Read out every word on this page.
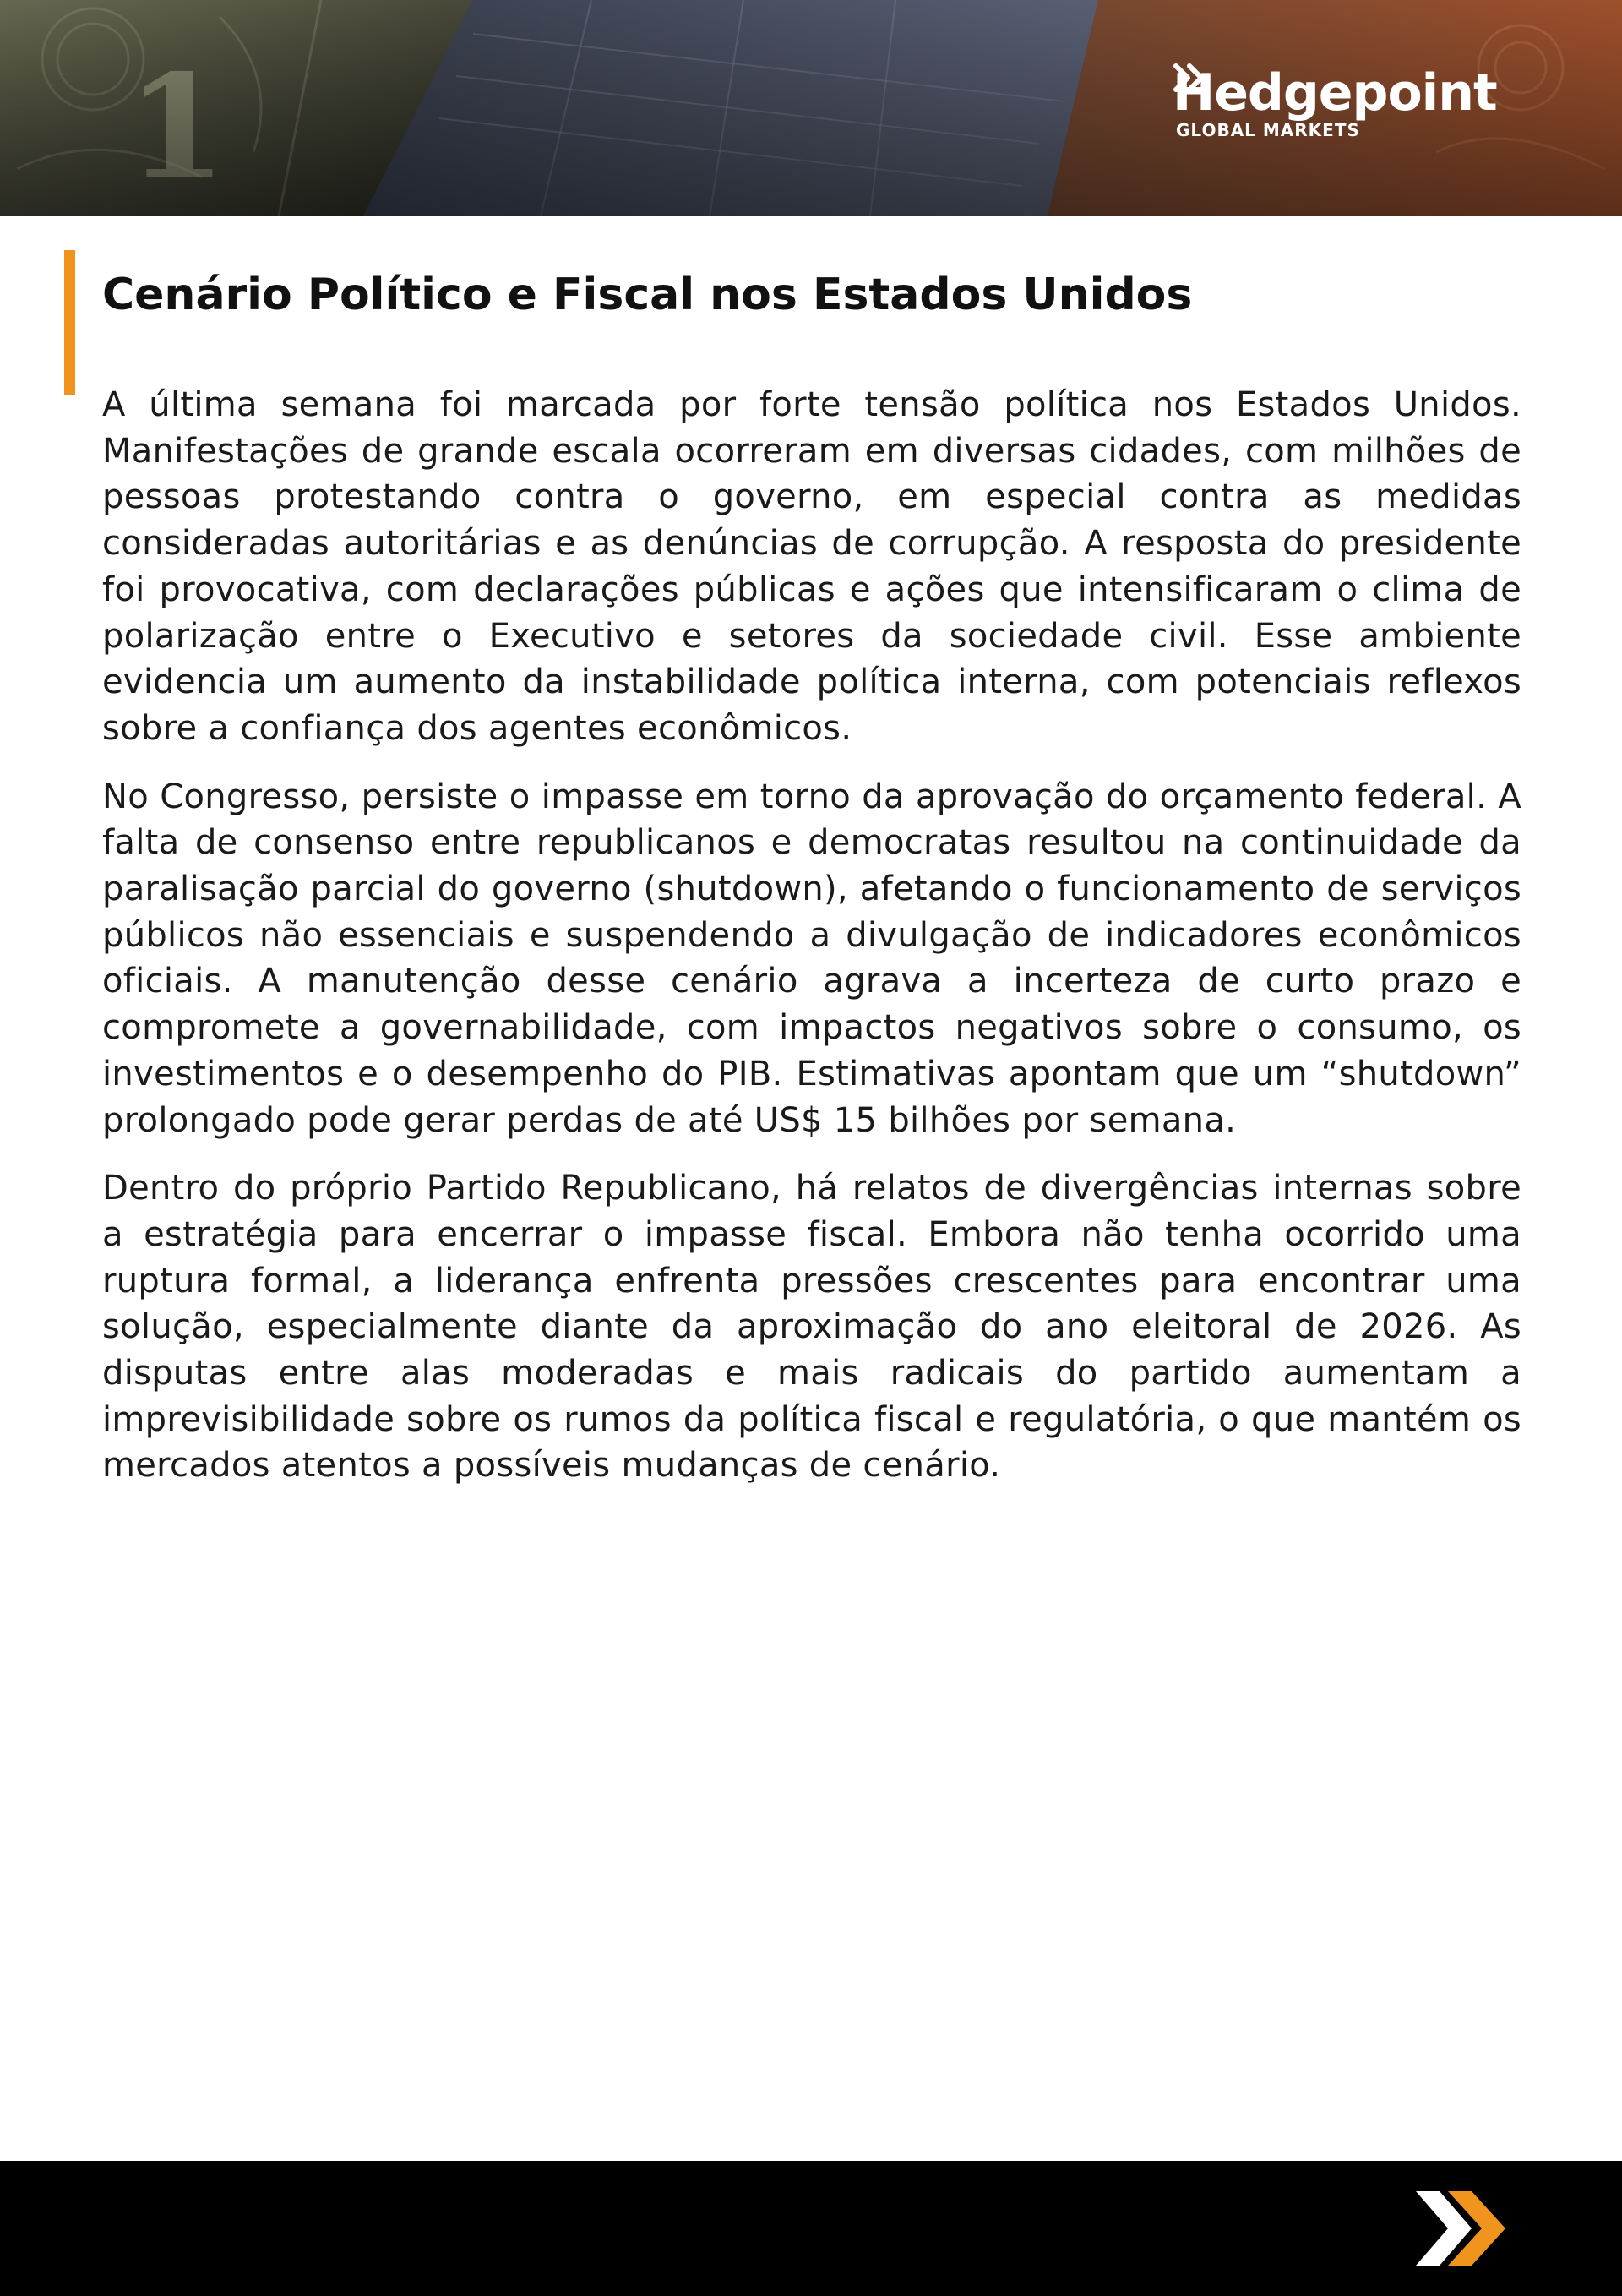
Hedgepoint
GLOBAL MARKETS
Cenário Político e Fiscal nos Estados Unidos

A última semana foi marcada por forte tensão política nos Estados Unidos. Manifestações de grande escala ocorreram em diversas cidades, com milhões de pessoas protestando contra o governo, em especial contra as medidas consideradas autoritárias e as denúncias de corrupção. A resposta do presidente foi provocativa, com declarações públicas e ações que intensificaram o clima de polarização entre o Executivo e setores da sociedade civil. Esse ambiente evidencia um aumento da instabilidade política interna, com potenciais reflexos sobre a confiança dos agentes econômicos.

No Congresso, persiste o impasse em torno da aprovação do orçamento federal. A falta de consenso entre republicanos e democratas resultou na continuidade da paralisação parcial do governo (shutdown), afetando o funcionamento de serviços públicos não essenciais e suspendendo a divulgação de indicadores econômicos oficiais. A manutenção desse cenário agrava a incerteza de curto prazo e compromete a governabilidade, com impactos negativos sobre o consumo, os investimentos e o desempenho do PIB. Estimativas apontam que um “shutdown” prolongado pode gerar perdas de até US$ 15 bilhões por semana.

Dentro do próprio Partido Republicano, há relatos de divergências internas sobre a estratégia para encerrar o impasse fiscal. Embora não tenha ocorrido uma ruptura formal, a liderança enfrenta pressões crescentes para encontrar uma solução, especialmente diante da aproximação do ano eleitoral de 2026. As disputas entre alas moderadas e mais radicais do partido aumentam a imprevisibilidade sobre os rumos da política fiscal e regulatória, o que mantém os mercados atentos a possíveis mudanças de cenário.
